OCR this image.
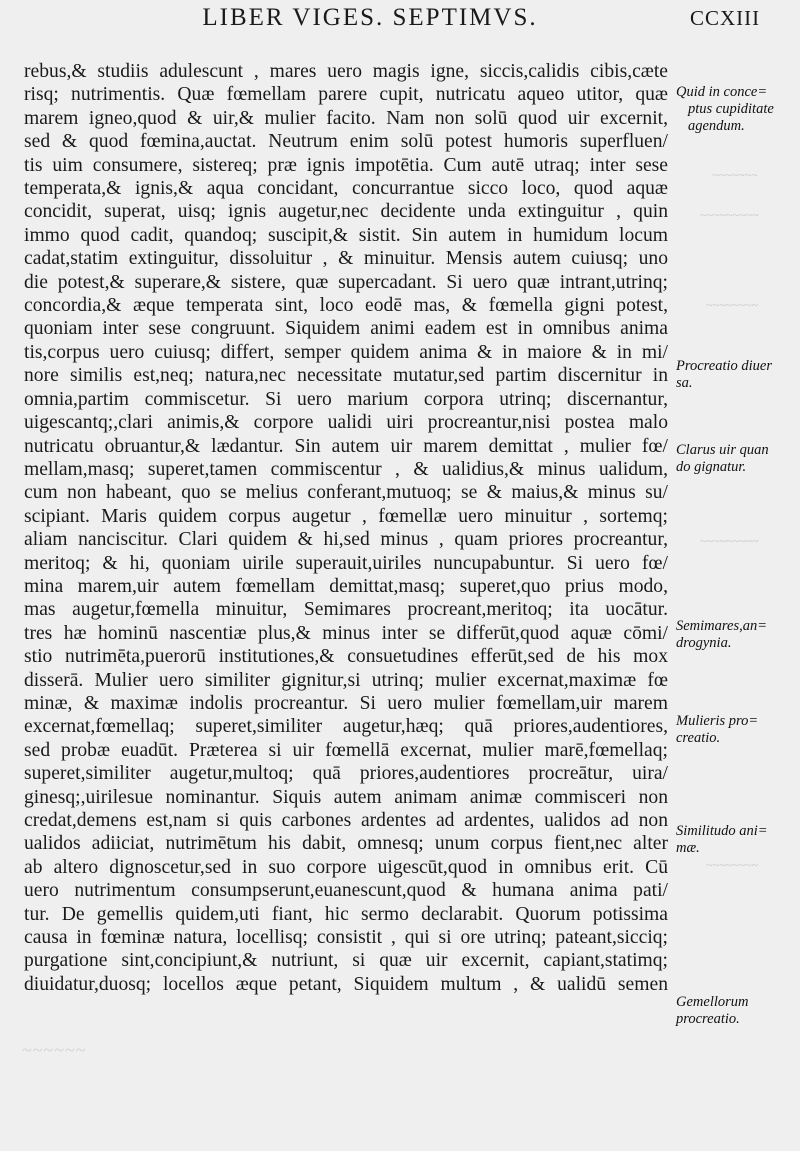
LIBER VIGES. SEPTIMVS.	CCXIII
rebus,& studiis adulescunt , mares uero magis igne, siccis,calidis cibis,cæte
risq; nutrimentis. Quæ fœmellam parere cupit, nutricatu aqueo utitor, quæ
marem igneo,quod & uir,& mulier facito. Nam non solū quod uir excernit,
sed & quod fœmina,auctat. Neutrum enim solū potest humoris superfluen/
tis uim consumere, sistereq; præ ignis impotētia. Cum autē utraq; inter sese
temperata,& ignis,& aqua concidant, concurrantue sicco loco, quod aquæ
concidit, superat, uisq; ignis augetur,nec decidente unda extinguitur , quin
immo quod cadit, quandoq; suscipit,& sistit. Sin autem in humidum locum
cadat,statim extinguitur, dissoluitur , & minuitur. Mensis autem cuiusq; uno
die potest,& superare,& sistere, quæ supercadant. Si uero quæ intrant,utrinq;
concordia,& æque temperata sint, loco eodē mas, & fœmella gigni potest,
quoniam inter sese congruunt. Siquidem animi eadem est in omnibus anima
tis,corpus uero cuiusq; differt, semper quidem anima & in maiore & in mi/
nore similis est,neq; natura,nec necessitate mutatur,sed partim discernitur in
omnia,partim commiscetur. Si uero marium corpora utrinq; discernantur,
uigescantq;,clari animis,& corpore ualidi uiri procreantur,nisi postea malo
nutricatu obruantur,& lædantur. Sin autem uir marem demittat , mulier fœ/
mellam,masq; superet,tamen commiscentur , & ualidius,& minus ualidum,
cum non habeant, quo se melius conferant,mutuoq; se & maius,& minus su/
scipiant. Maris quidem corpus augetur , fœmellæ uero minuitur , sortemq;
aliam nanciscitur. Clari quidem & hi,sed minus , quam priores procreantur,
meritoq; & hi, quoniam uirile superauit,uiriles nuncupabuntur. Si uero fœ/
mina marem,uir autem fœmellam demittat,masq; superet,quo prius modo,
mas augetur,fœmella minuitur, Semimares procreant,meritoq; ita uocātur.
tres hæ hominū nascentiæ plus,& minus inter se differūt,quod aquæ cōmi/
stio nutrimēta,puerorū institutiones,& consuetudines efferūt,sed de his mox
disserā. Mulier uero similiter gignitur,si utrinq; mulier excernat,maximæ fœ
minæ, & maximæ indolis procreantur. Si uero mulier fœmellam,uir marem
excernat,fœmellaq; superet,similiter augetur,hæq; quā priores,audentiores,
sed probæ euadūt. Præterea si uir fœmellā excernat, mulier marē,fœmellaq;
superet,similiter augetur,multoq; quā priores,audentiores procreātur, uira/
ginesq;,uirilesue nominantur. Siquis autem animam animæ commisceri non
credat,demens est,nam si quis carbones ardentes ad ardentes, ualidos ad non
ualidos adiiciat, nutrimētum his dabit, omnesq; unum corpus fient,nec alter
ab altero dignoscetur,sed in suo corpore uigescūt,quod in omnibus erit. Cū
uero nutrimentum consumpserunt,euanescunt,quod & humana anima pati/
tur. De gemellis quidem,uti fiant, hic sermo declarabit. Quorum potissima
causa in fœminæ natura, locellisq; consistit , qui si ore utrinq; pateant,sicciq;
purgatione sint,concipiunt,& nutriunt, si quæ uir excernit, capiant,statimq;
diuidatur,duosq; locellos æque petant, Siquidem multum , & ualidū semen
Quid in conce=
ptus cupiditate
agendum.
Procreatio diuer
sa.
Clarus uir quan
do gignatur.
Semimares,an=
drogynia.
Mulieris pro=
creatio.
Similitudo ani=
mæ.
Gemellorum
procreatio.
~~~~~~~
~~~~~~~~~
~~~~~~~~
~~~~~~~~~
~~~~~~~~
~~~~~~
